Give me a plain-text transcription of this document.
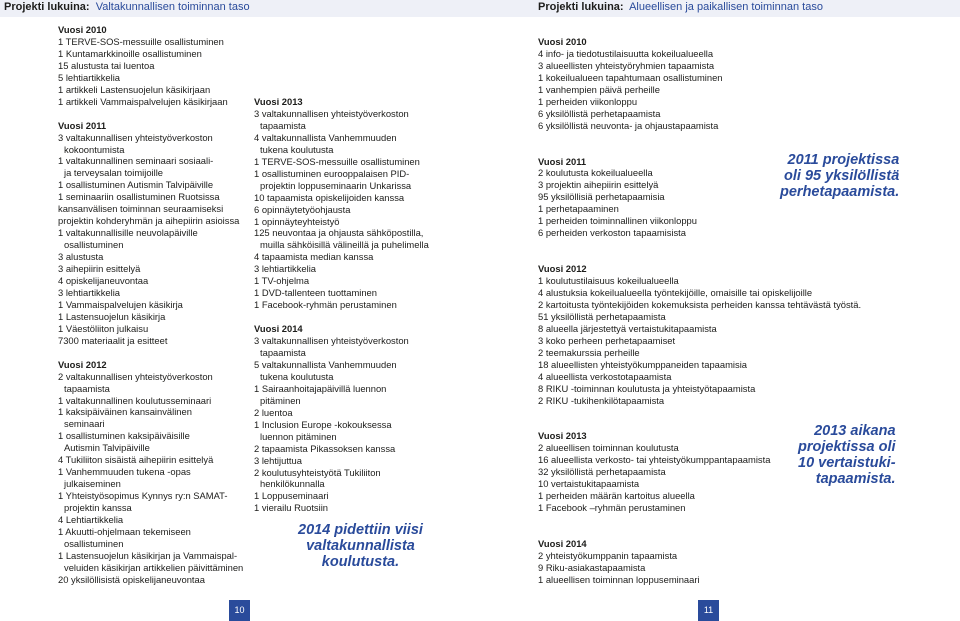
Projekti lukuina: Valtakunnallisen toiminnan taso
Vuosi 2010
1 TERVE-SOS-messuille osallistuminen
1 Kuntamarkkinoille osallistuminen
15 alustusta tai luentoa
5 lehtiartikkelia
1 artikkeli Lastensuojelun käsikirjaan
1 artikkeli Vammaispalvelujen käsikirjaan
Vuosi 2011
3 valtakunnallisen yhteistyöverkoston
kokoontumista
1 valtakunnallinen seminaari sosiaali-
ja terveysalan toimijoille
1 osallistuminen Autismin Talvipäiville
1 seminaariin osallistuminen Ruotsissa
kansanvälisen toiminnan seuraamiseksi
projektin kohderyhmän ja aihepiirin asioissa
1 valtakunnallisille neuvolapäiville
osallistuminen
3 alustusta
3 aihepiirin esittelyä
4 opiskelijaneuvontaa
3 lehtiartikkelia
1 Vammaispalvelujen käsikirja
1 Lastensuojelun käsikirja
1 Väestöliiton julkaisu
7300 materiaalit ja esitteet
Vuosi 2012
2 valtakunnallisen yhteistyöverkoston
tapaamista
1 valtakunnallinen koulutusseminaari
1 kaksipäiväinen kansainvälinen
seminaari
1 osallistuminen kaksipäiväisille
Autismin Talvipäiville
4 Tukiliiton sisäistä aihepiirin esittelyä
1 Vanhemmuuden tukena -opas
julkaiseminen
1 Yhteistyösopimus Kynnys ry:n SAMAT-
projektin kanssa
4 Lehtiartikkelia
1 Akuutti-ohjelmaan tekemiseen
osallistuminen
1 Lastensuojelun käsikirjan ja Vammaispal-
veluiden käsikirjan artikkelien päivittäminen
20 yksilöllisistä opiskelijaneuvontaa
Vuosi 2013
3 valtakunnallisen yhteistyöverkoston
tapaamista
4 valtakunnallista Vanhemmuuden
tukena koulutusta
1 TERVE-SOS-messuille osallistuminen
1 osallistuminen eurooppalaisen PID-
projektin loppuseminaarin Unkarissa
10 tapaamista opiskelijoiden kanssa
6 opinnäytetyöohjausta
1 opinnäyteyhteistyö
125 neuvontaa ja ohjausta sähköpostilla,
muilla sähköisillä välineillä ja puhelimella
4 tapaamista median kanssa
3 lehtiartikkelia
1 TV-ohjelma
1 DVD-tallenteen tuottaminen
1 Facebook-ryhmän perustaminen
Vuosi 2014
3 valtakunnallisen yhteistyöverkoston
tapaamista
5 valtakunnallista Vanhemmuuden
tukena koulutusta
1 Sairaanhoitajapäivillä luennon
pitäminen
2 luentoa
1 Inclusion Europe -kokouksessa
luennon pitäminen
2 tapaamista Pikassoksen kanssa
3 lehtijuttua
2 koulutusyhteistyötä Tukiliiton
henkilökunnalla
1 Loppuseminaari
1 vierailu Ruotsiin
2014 pidettiin viisi
valtakunnallista
koulutusta.
10
Projekti lukuina: Alueellisen ja paikallisen toiminnan taso
Vuosi 2010
4 info- ja tiedotustilaisuutta kokeilualueella
3 alueellisten yhteistyöryhmien tapaamista
1 kokeilualueen tapahtumaan osallistuminen
1 vanhempien päivä perheille
1 perheiden viikonloppu
6 yksilöllistä perhetapaamista
6 yksilöllistä neuvonta- ja ohjaustapaamista
Vuosi 2011
2 koulutusta kokeilualueella
3 projektin aihepiirin esittelyä
95 yksilöllisiä perhetapaamisia
1 perhetapaaminen
1 perheiden toiminnallinen viikonloppu
6 perheiden verkoston tapaamisista
Vuosi 2012
1 koulutustilaisuus kokeilualueella
4 alustuksia kokeilualueella työntekijöille, omaisille tai opiskelijoille
2 kartoitusta työntekijöiden kokemuksista perheiden kanssa tehtävästä työstä.
51 yksilöllistä perhetapaamista
8 alueella järjestettyä vertaistukitapaamista
3 koko perheen perhetapaamiset
2 teemakurssia perheille
18 alueellisten yhteistyökumppaneiden tapaamisia
4 alueellista verkostotapaamista
8 RIKU -toiminnan koulutusta ja yhteistyötapaamista
2 RIKU -tukihenkilötapaamista
Vuosi 2013
2 alueellisen toiminnan koulutusta
16 alueellista verkosto- tai yhteistyökumppantapaamista
32 yksilöllistä perhetapaamista
10 vertaistukitapaamista
1 perheiden määrän kartoitus alueella
1 Facebook –ryhmän perustaminen
Vuosi 2014
2 yhteistyökumppanin tapaamista
9 Riku-asiakastapaamista
1 alueellisen toiminnan loppuseminaari
2011 projektissa
oli 95 yksilöllistä
perhetapaamista.
2013 aikana
projektissa oli
10 vertaistuki-
tapaamista.
11
